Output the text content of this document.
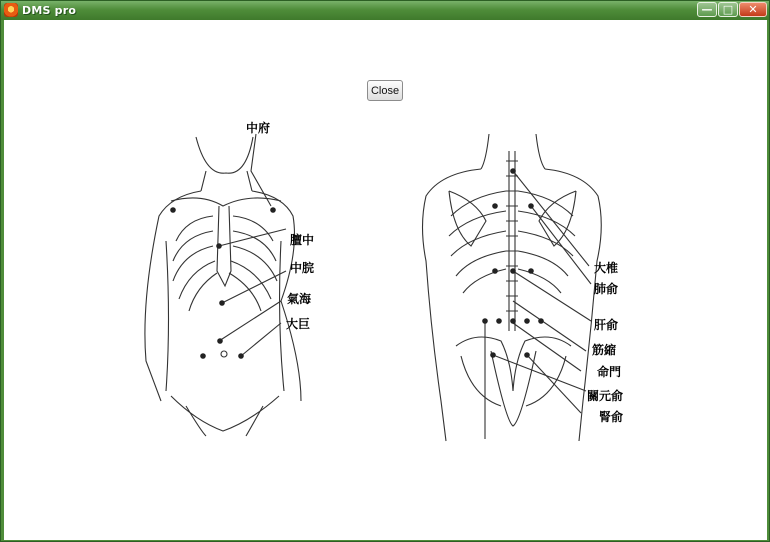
DMS pro	— □	✕
Close
中府
膻中
中脘
氣海
大巨
大椎
肺俞
肝俞
筋縮
命門
關元俞
腎俞
